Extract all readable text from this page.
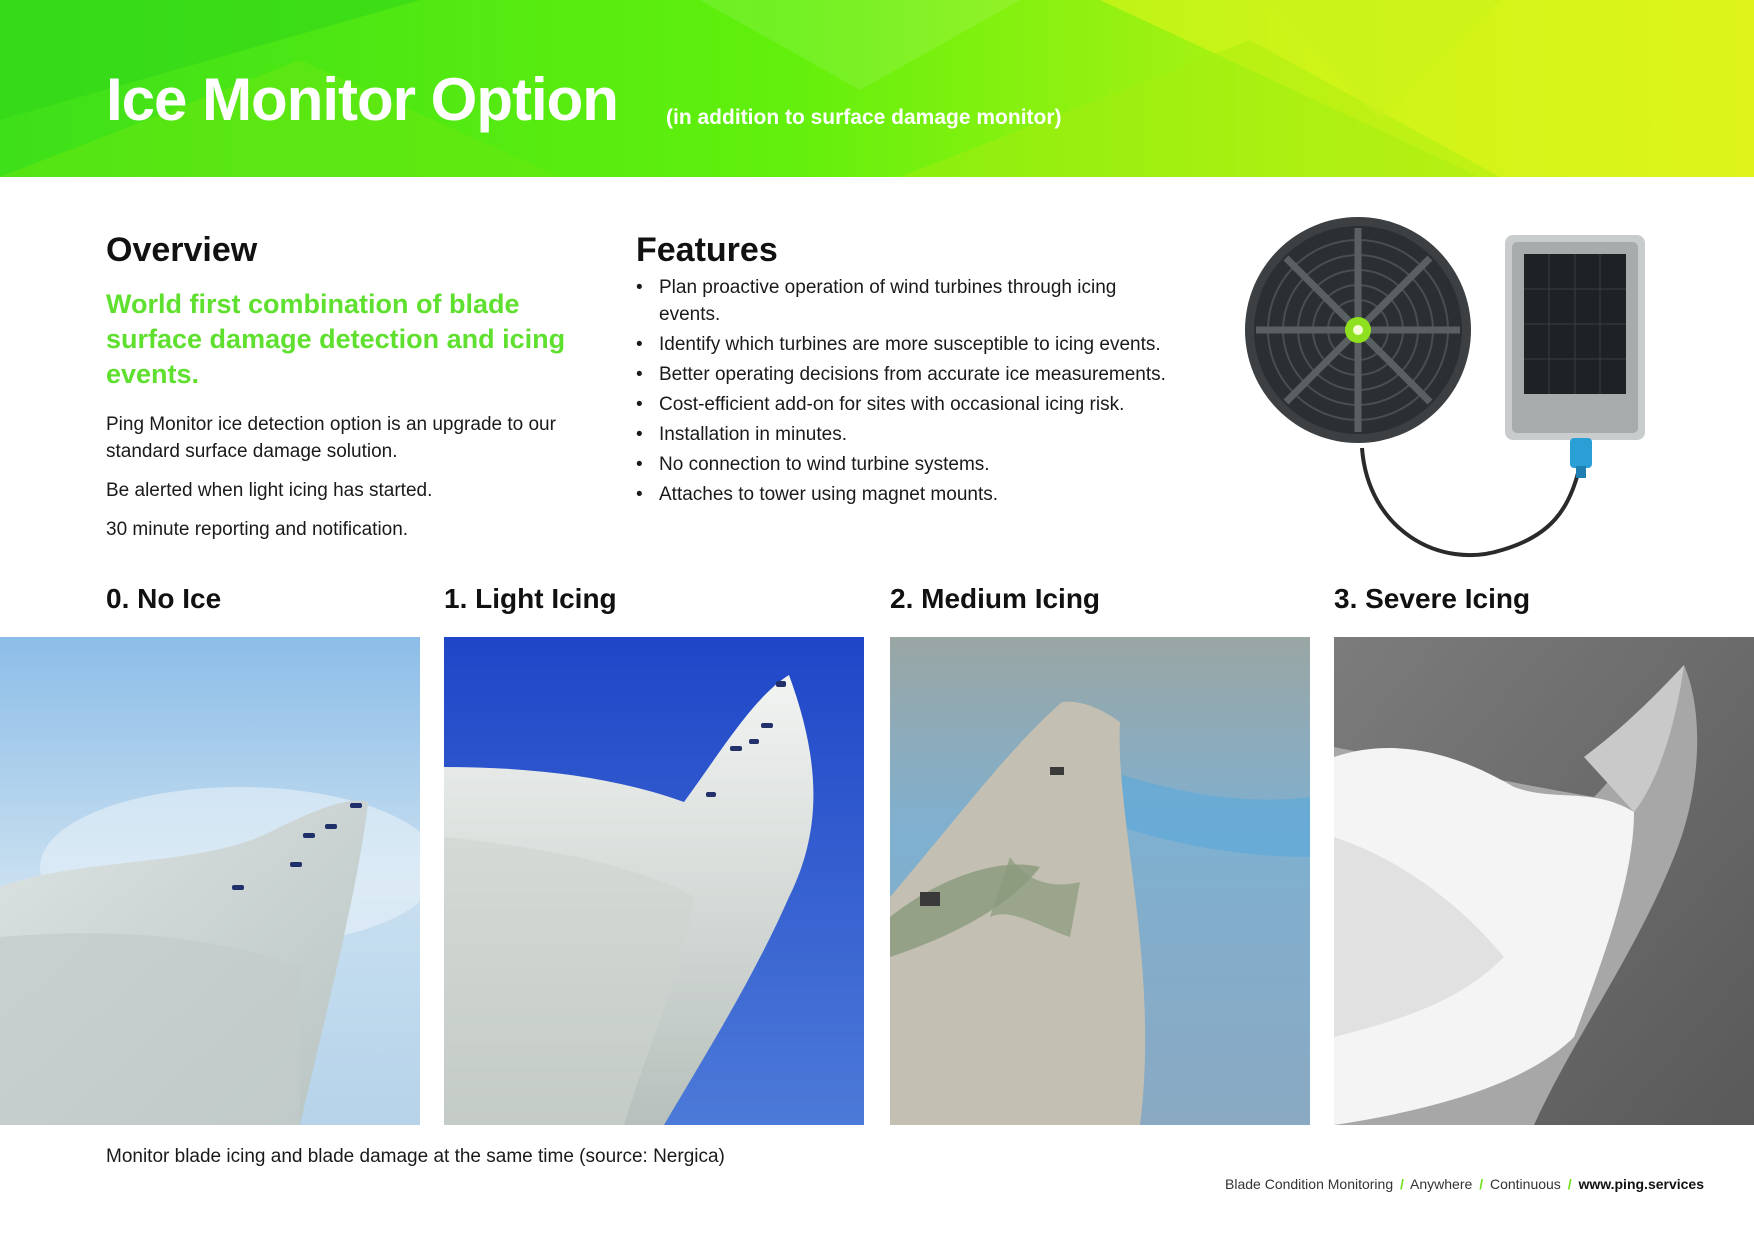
Ice Monitor Option (in addition to surface damage monitor)

Overview

World first combination of blade surface damage detection and icing events.

Ping Monitor ice detection option is an upgrade to our standard surface damage solution.

Be alerted when light icing has started.

30 minute reporting and notification.

Features
• Plan proactive operation of wind turbines through icing events.
• Identify which turbines are more susceptible to icing events.
• Better operating decisions from accurate ice measurements.
• Cost-efficient add-on for sites with occasional icing risk.
• Installation in minutes.
• No connection to wind turbine systems.
• Attaches to tower using magnet mounts.
0. No Ice	1. Light Icing	2. Medium Icing	3. Severe Icing

Monitor blade icing and blade damage at the same time (source: Nergica)

Blade Condition Monitoring / Anywhere / Continuous / www.ping.services
